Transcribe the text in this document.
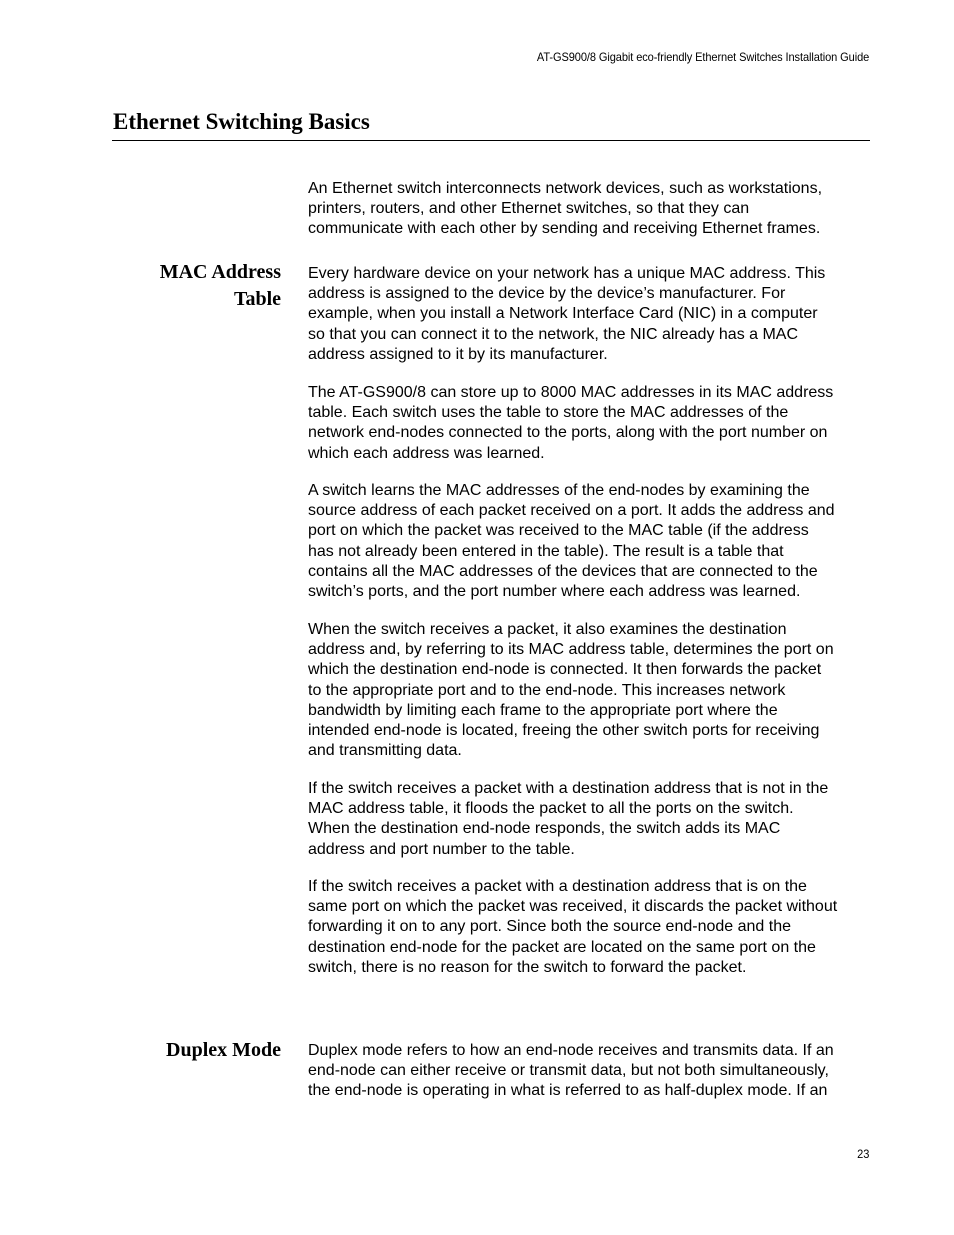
AT-GS900/8 Gigabit eco-friendly Ethernet Switches Installation Guide
Ethernet Switching Basics

An Ethernet switch interconnects network devices, such as workstations,
printers, routers, and other Ethernet switches, so that they can
communicate with each other by sending and receiving Ethernet frames.

MAC Address
Table

Every hardware device on your network has a unique MAC address. This
address is assigned to the device by the device’s manufacturer. For
example, when you install a Network Interface Card (NIC) in a computer
so that you can connect it to the network, the NIC already has a MAC
address assigned to it by its manufacturer.

The AT-GS900/8 can store up to 8000 MAC addresses in its MAC address
table. Each switch uses the table to store the MAC addresses of the
network end-nodes connected to the ports, along with the port number on
which each address was learned.

A switch learns the MAC addresses of the end-nodes by examining the
source address of each packet received on a port. It adds the address and
port on which the packet was received to the MAC table (if the address
has not already been entered in the table). The result is a table that
contains all the MAC addresses of the devices that are connected to the
switch’s ports, and the port number where each address was learned.

When the switch receives a packet, it also examines the destination
address and, by referring to its MAC address table, determines the port on
which the destination end-node is connected. It then forwards the packet
to the appropriate port and to the end-node. This increases network
bandwidth by limiting each frame to the appropriate port where the
intended end-node is located, freeing the other switch ports for receiving
and transmitting data.

If the switch receives a packet with a destination address that is not in the
MAC address table, it floods the packet to all the ports on the switch.
When the destination end-node responds, the switch adds its MAC
address and port number to the table.

If the switch receives a packet with a destination address that is on the
same port on which the packet was received, it discards the packet without
forwarding it on to any port. Since both the source end-node and the
destination end-node for the packet are located on the same port on the
switch, there is no reason for the switch to forward the packet.

Duplex Mode Duplex mode refers to how an end-node receives and transmits data. If an
end-node can either receive or transmit data, but not both simultaneously,
the end-node is operating in what is referred to as half-duplex mode. If an

23
